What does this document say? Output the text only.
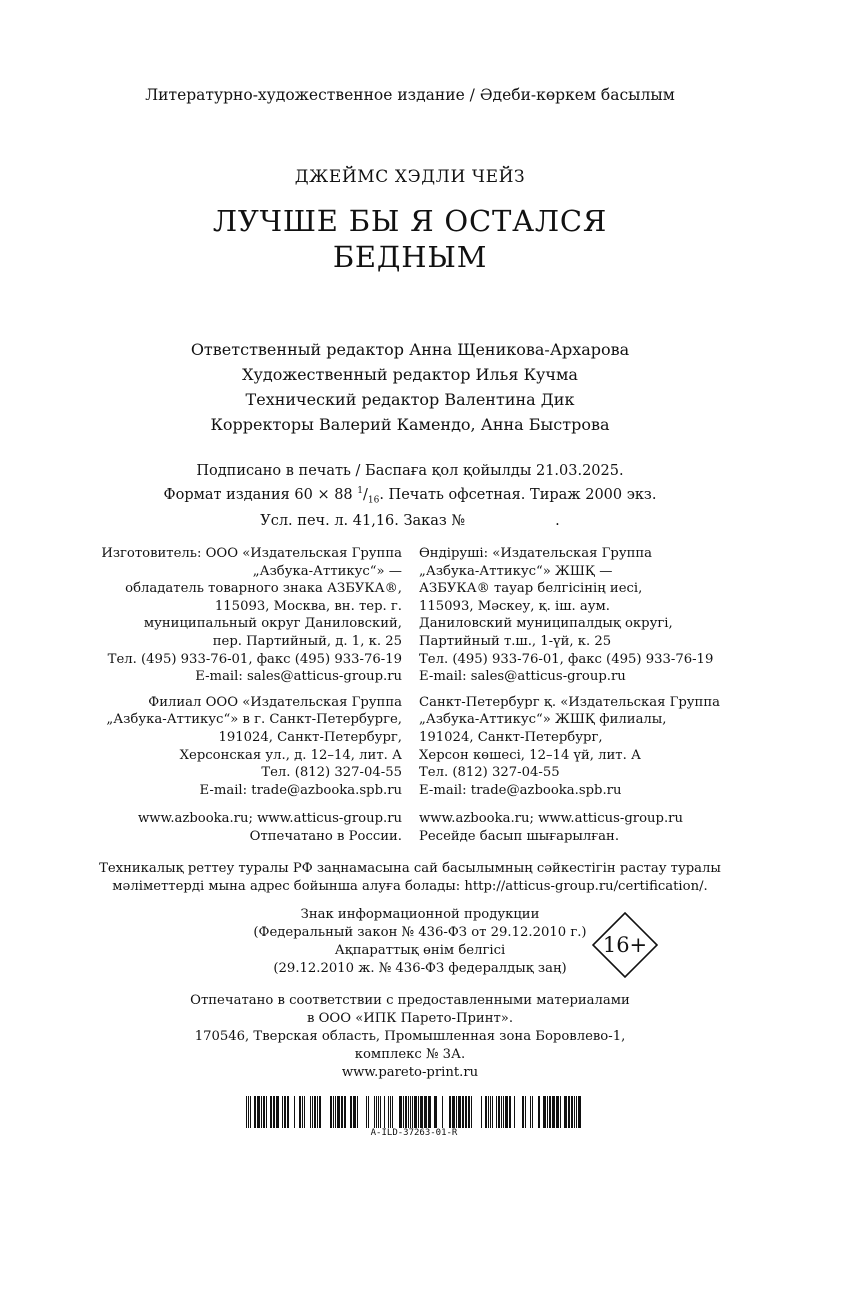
Литературно-художественное издание / Әдеби-көркем басылым
ДЖЕЙМС ХЭДЛИ ЧЕЙЗ
ЛУЧШЕ БЫ Я ОСТАЛСЯ
БЕДНЫМ
Ответственный редактор Анна Щеникова-Архарова
Художественный редактор Илья Кучма
Технический редактор Валентина Дик
Корректоры Валерий Камендо, Анна Быстрова
Подписано в печать / Баспаға қол қойылды 21.03.2025.
Формат издания 60 × 88 $^1/_{16}$. Печать офсетная. Тираж 2000 экз.
Усл. печ. л. 41,16. Заказ №	.
Изготовитель: ООО «Издательская Группа
„Азбука-Аттикус“» —
обладатель товарного знака АЗБУКА®,
115093, Москва, вн. тер. г.
муниципальный округ Даниловский,
пер. Партийный, д. 1, к. 25
Тел. (495) 933-76-01, факс (495) 933-76-19
E-mail: sales@atticus-group.ru
Филиал ООО «Издательская Группа
„Азбука-Аттикус“» в г. Санкт-Петербурге,
191024, Санкт-Петербург,
Херсонская ул., д. 12–14, лит. А
Тел. (812) 327-04-55
E-mail: trade@azbooka.spb.ru
www.azbooka.ru; www.atticus-group.ru
Отпечатано в России.
Өндіруші: «Издательская Группа
„Азбука-Аттикус“» ЖШҚ —
АЗБУКА® тауар белгісінің иесі,
115093, Мәскеу, қ. іш. аум.
Даниловский муниципалдық округі,
Партийный т.ш., 1-үй, к. 25
Тел. (495) 933-76-01, факс (495) 933-76-19
E-mail: sales@atticus-group.ru
Санкт-Петербург қ. «Издательская Группа
„Азбука-Аттикус“» ЖШҚ филиалы,
191024, Санкт-Петербург,
Херсон көшесі, 12–14 үй, лит. А
Тел. (812) 327-04-55
E-mail: trade@azbooka.spb.ru
www.azbooka.ru; www.atticus-group.ru
Ресейде басып шығарылған.
Техникалық реттеу туралы РФ заңнамасына сай басылымның сәйкестігін растау туралы
мәліметтерді мына адрес бойынша алуға болады: http://atticus-group.ru/certification/.
Знак информационной продукции
(Федеральный закон № 436-ФЗ от 29.12.2010 г.)
Ақпараттық өнім белгісі
(29.12.2010 ж. № 436-ФЗ федералдық заң)
16+
Отпечатано в соответствии с предоставленными материалами
в ООО «ИПК Парето-Принт».
170546, Тверская область, Промышленная зона Боровлево-1,
комплекс № 3А.
www.pareto-print.ru
A-ILD-37263-01-R
